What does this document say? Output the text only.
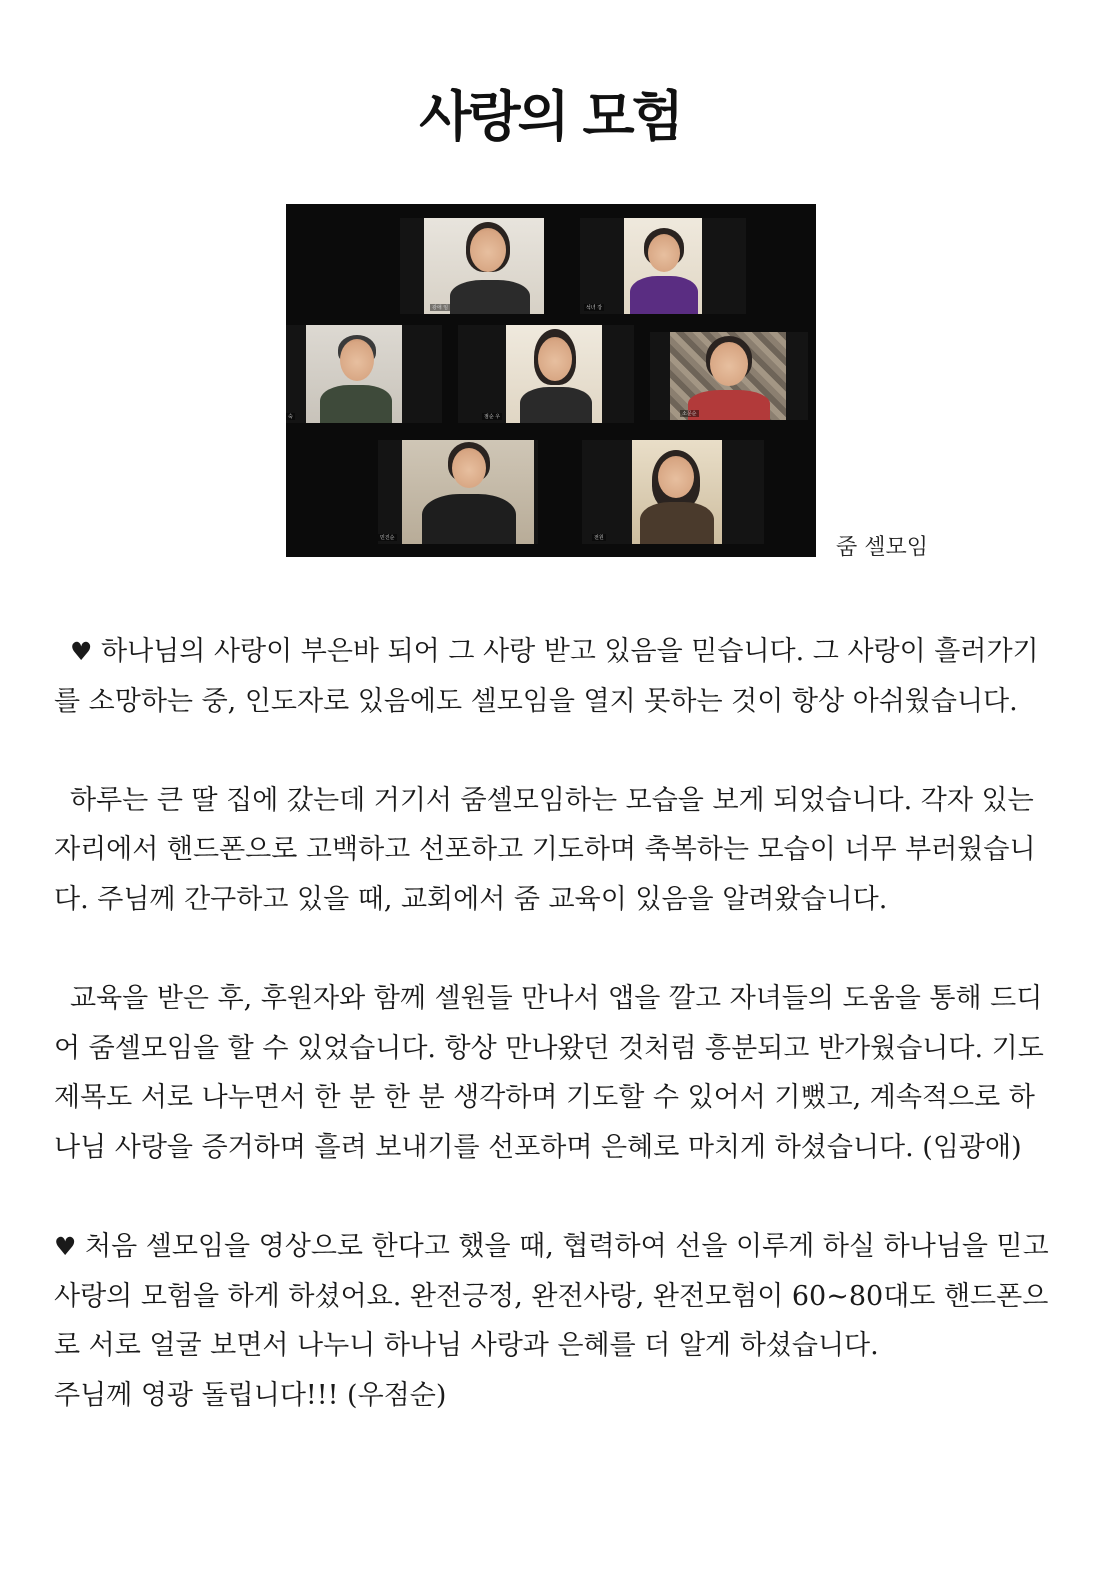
사랑의 모험
광애 임	석녀 강
숙	점순 우	소문순
민진순	전원	줌 셀모임

♥ 하나님의 사랑이 부은바 되어 그 사랑 받고 있음을 믿습니다. 그 사랑이 흘러가기를 소망하는 중, 인도자로 있음에도 셀모임을 열지 못하는 것이 항상 아쉬웠습니다.

하루는 큰 딸 집에 갔는데 거기서 줌셀모임하는 모습을 보게 되었습니다. 각자 있는 자리에서 핸드폰으로 고백하고 선포하고 기도하며 축복하는 모습이 너무 부러웠습니다. 주님께 간구하고 있을 때, 교회에서 줌 교육이 있음을 알려왔습니다.

교육을 받은 후, 후원자와 함께 셀원들 만나서 앱을 깔고 자녀들의 도움을 통해 드디어 줌셀모임을 할 수 있었습니다. 항상 만나왔던 것처럼 흥분되고 반가웠습니다. 기도제목도 서로 나누면서 한 분 한 분 생각하며 기도할 수 있어서 기뻤고, 계속적으로 하나님 사랑을 증거하며 흘려 보내기를 선포하며 은혜로 마치게 하셨습니다. (임광애)

♥ 처음 셀모임을 영상으로 한다고 했을 때, 협력하여 선을 이루게 하실 하나님을 믿고 사랑의 모험을 하게 하셨어요. 완전긍정, 완전사랑, 완전모험이 60~80대도 핸드폰으로 서로 얼굴 보면서 나누니 하나님 사랑과 은혜를 더 알게 하셨습니다.

주님께 영광 돌립니다!!! (우점순)
